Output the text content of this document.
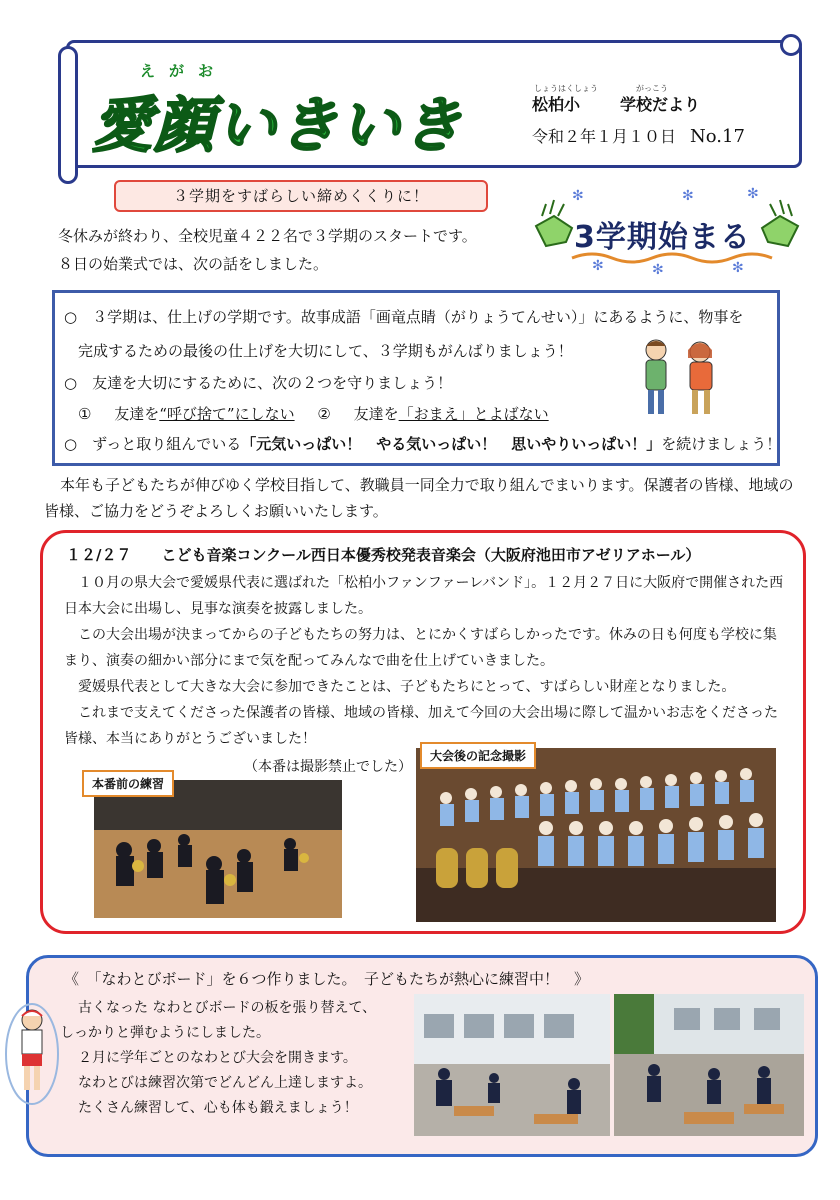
えがお
愛顔いきいき
しょうはくしょう	がっこう
松柏小	学校だより
令和２年１月１０日 No.17
３学期をすばらしい締めくくりに！
冬休みが終わり、全校児童４２２名で３学期のスタートです。
８日の始業式では、次の話をしました。
✻	✻	✻
✻	✻	✻
3学期始まる
○　３学期は、仕上げの学期です。故事成語「画竜点睛（がりょうてんせい）」にあるように、物事を
完成するための最後の仕上げを大切にして、３学期もがんばりましょう！
○　友達を大切にするために、次の２つを守りましょう！
① 友達を“呼び捨て”にしない ② 友達を「おまえ」とよばない
○　ずっと取り組んでいる「元気いっぱい！　やる気いっぱい！　思いやりいっぱい！」を続けましょう！
本年も子どもたちが伸びゆく学校目指して、教職員一同全力で取り組んでまいります。保護者の皆様、地域の皆様、ご協力をどうぞよろしくお願いいたします。
１２/２７　　こども音楽コンクール西日本優秀校発表音楽会（大阪府池田市アゼリアホール）

１０月の県大会で愛媛県代表に選ばれた「松柏小ファンファーレバンド」。１２月２７日に大阪府で開催された西日本大会に出場し、見事な演奏を披露しました。

この大会出場が決まってからの子どもたちの努力は、とにかくすばらしかったです。休みの日も何度も学校に集まり、演奏の細かい部分にまで気を配ってみんなで曲を仕上げていきました。

愛媛県代表として大きな大会に参加できたことは、子どもたちにとって、すばらしい財産となりました。

これまで支えてくださった保護者の皆様、地域の皆様、加えて今回の大会出場に際して温かいお志をくださった皆様、本当にありがとうございました！

（本番は撮影禁止でした）
本番前の練習
大会後の記念撮影
《　「なわとびボード」を６つ作りました。　子どもたちが熱心に練習中！　》

古くなった なわとびボードの板を張り替えて、

しっかりと弾むようにしました。

２月に学年ごとのなわとび大会を開きます。

なわとびは練習次第でどんどん上達しますよ。

たくさん練習して、心も体も鍛えましょう！
